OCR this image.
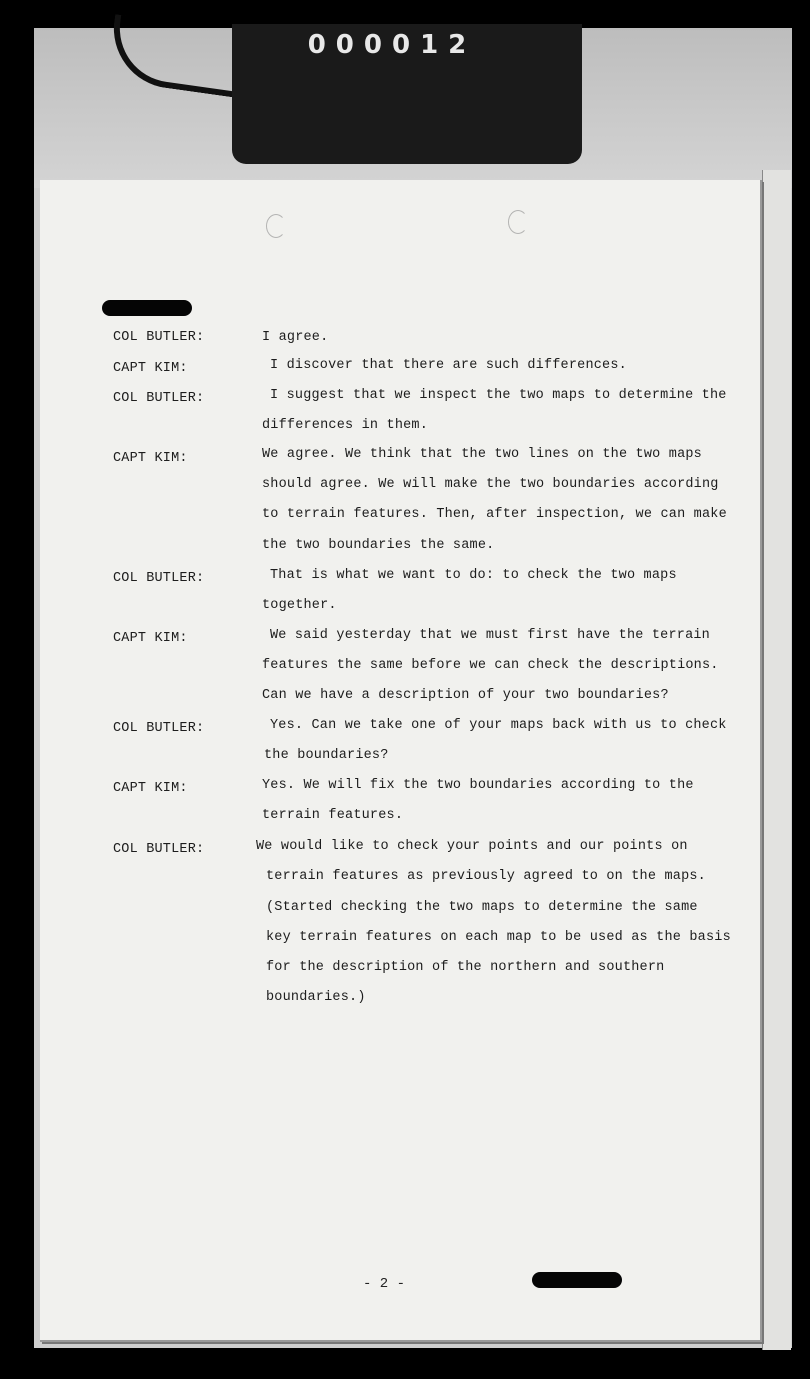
000012
COL BUTLER:
CAPT KIM:
COL BUTLER:
CAPT KIM:
COL BUTLER:
CAPT KIM:
COL BUTLER:
CAPT KIM:
COL BUTLER:
I agree.
I discover that there are such differences.
I suggest that we inspect the two maps to determine the
differences in them.
We agree. We think that the two lines on the two maps
should agree. We will make the two boundaries according
to terrain features. Then, after inspection, we can make
the two boundaries the same.
That is what we want to do: to check the two maps
together.
We said yesterday that we must first have the terrain
features the same before we can check the descriptions.
Can we have a description of your two boundaries?
Yes. Can we take one of your maps back with us to check
the boundaries?
Yes. We will fix the two boundaries according to the
terrain features.
We would like to check your points and our points on
terrain features as previously agreed to on the maps.
(Started checking the two maps to determine the same
key terrain features on each map to be used as the basis
for the description of the northern and southern
boundaries.)
- 2 -
